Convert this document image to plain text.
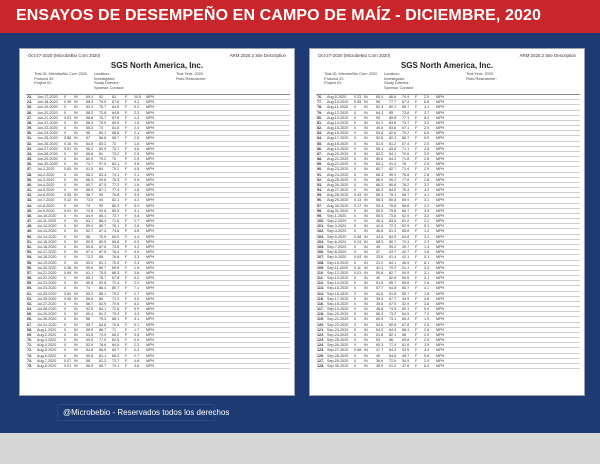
ENSAYOS DE DESEMPEÑO EN CAMPO DE MAÍZ - DICIEMBRE, 2020
Oct-27-2020 (MicrobeBio Corn 2020)	ARM 2020.2 Site Description
SGS North America, Inc.
Trial ID: MicrobeBio Corn 2020
Protocol ID:
Project ID:
Location:
Investigator:
Study Director:
Sponsor Contact:
Trial Year: 2020
Field Researcher:
23. Jun-17-2020 0 IN 69.4 92 61 F 10.5 MPH
24. Jun-18-2020 0.49 IN 58.3 75.9 67.8 F 9.3 MPH
25. Jun-19-2020 0 IN 52.3 76.7 64.5 F 5.2 MPH
26. Jun-20-2020 0 IN 58.3 73.8 64.8 F 2.3 MPH
27. Jun-21-2020 0.01 IN 58.8 76.7 67.8 F 1.2 MPH
28. Jun-22-2020 0 IN 56.4 75.9 65.5 F 1.6 MPH
29. Jun-23-2020 0 IN 55.3 73 64.8 F 2.4 MPH
30. Jun-24-2020 0 IN 56 80.1 68.6 F 2.1 MPH
31. Jun-25-2020 0.88 IN 57 86.6 69.7 F 2.8 MPH
32. Jun-26-2020 0.16 IN 64.8 83.3 73 F 1.6 MPH
33. Jun-27-2020 0.01 IN 58.3 80.9 73.7 F 4.6 MPH
34. Jun-28-2020 0 IN 66.8 81 73.2 F 2.5 MPH
35. Jun-29-2020 0 IN 60.9 79.2 70 F 2.5 MPH
36. Jun-30-2020 0 IN 74.7 97.9 82.1 F 3.8 MPH
37. Jul-1-2020	0.62 IN 61.5 84 75.2 F 4.8 MPH
38. Jul-2-2020	0 IN 56.2 83.4 74.1 F 2.1 MPH
39. Jul-3-2020	0 IN 68.3 90.6 76.3 F 0.5 MPH
40. Jul-4-2020	0 IN 60.7 87.5 77.2 F 1.6 MPH
41. Jul-5-2020	0 IN 68.9 87.1 77.4 F 1.8 MPH
42. Jul-6-2020	0.05 IN 56.7 90 76.8 F 3.9 MPH
43. Jul-7-2020	0.12 IN 73.5 93 82.1 F 4.2 MPH
44. Jul-8-2020	0 IN 73 90 80.3 F 5.4 MPH
45. Jul-9-2020	0.01 IN 72.8 92.6 80.5 F 4.1 MPH
46. Jul-10-2020 0 IN 64.9 85.1 73.7 F 0.6 MPH
47. Jul-11-2020 0 IN 63.7 86.4 71.6 F 2.7 MPH
48. Jul-12-2020 0 IN 59.4 86.7 76.1 F 2.8 MPH
49. Jul-13-2020 0 IN 62.7 87.4 74.6 F 4.8 MPH
50. Jul-14-2020 0 IN 58 75.9 69.5 F 4.4 MPH
51. Jul-15-2020 0 IN 50.5 80.9 65.8 F 0.9 MPH
52. Jul-16-2020 0 IN 60.8 87.6 73.8 F 3.2 MPH
53. Jul-17-2020 0 IN 67.4 87.5 78.4 F 4.0 MPH
54. Jul-18-2020 0 IN 72.2 86 76.8 F 3.3 MPH
55. Jul-19-2020 0 IN 59.2 81.1 70.5 F 2.3 MPH
56. Jul-20-2020 0.46 IN 59.6 80.7 69.8 F 1.5 MPH
57. Jul-21-2020 0.84 IN 61.1 75.5 68.3 F 3.6 MPH
58. Jul-22-2020 0 IN 55.1 76.7 67.8 F 6.2 MPH
59. Jul-23-2020 0 IN 60.8 83.8 72.4 F 2.2 MPH
60. Jul-24-2020 0 IN 74 86.4 80.7 F 7.1 MPH
61. Jul-25-2020 0.54 IN 65.3 88.1 79.2 F 2.7 MPH
62. Jul-26-2020 0.08 IN 58.8 86 71.3 F 3.0 MPH
63. Jul-27-2020 0 IN 56.7 82.9 70.6 F 6.2 MPH
64. Jul-28-2020 0 IN 52.5 84.1 72.8 F 5.9 MPH
65. Jul-29-2020 0 IN 60.4 81.2 70.4 F 4.4 MPH
66. Jul-30-2020 0 IN 58 79.3 68.1 F 3.1 MPH
67. Jul-31-2020 0 IN 55.7 84.8 70.8 F 0.1 MPH
68. Aug-1-2020 0 IN 56.9 86.7 71 F 1.7 MPH
69. Aug-2-2020 0 IN 53.5 74.9 66.2 F 3.5 MPH
70. Aug-3-2020 0 IN 49.5 77.5 62.5 F 0.0 MPH
71. Aug-4-2020 0 IN 52.9 76.6 64.6 F 2.3 MPH
72. Aug-5-2020 0 IN 54.8 86.9 64.7 F 2.2 MPH
73. Aug-6-2020 0 IN 50.8 81.1 66.2 F 2.7 MPH
74. Aug-7-2020 0.07 IN 58 81.2 73.7 F 4.8 MPH
75. Aug-8-2020 0.01 IN 58.6 80.7 70.1 F 3.6 MPH
Oct-27-2020 (MicrobeBio Corn 2020)	ARM 2020.2 Site Description
SGS North America, Inc.
Trial ID: MicrobeBio Corn 2020
Protocol ID:
Project ID:
Location:
Investigator:
Study Director:
Sponsor Contact:
Trial Year: 2020
Field Researcher:
76. Aug-9-2020 0.23 IN 65.4 86.6 74.9 F 2.5 MPH
77. Aug-10-2020 0.05 IN 58 77.7 67.4 F 6.6 MPH
78. Aug-11-2020 0 IN 52.3 80.1 66.7 F 4.1 MPH
79. Aug-12-2020 0 IN 64.3 85 73.8 F 2.7 MPH
80. Aug-13-2020 0 IN 50 85.8 77.1 F 8.3 MPH
81. Aug-14-2020 0 IN 61.1 83.6 73.7 F 3.2 MPH
82. Aug-15-2020 0 IN 49.6 83.8 67.1 F 2.9 MPH
83. Aug-16-2020 0 IN 54.8 82.6 70.2 F 6.0 MPH
84. Aug-17-2020 0 IN 52.8 82.3 66.7 F 6.9 MPH
85. Aug-18-2020 0 IN 51.5 81.2 67.4 F 2.0 MPH
86. Aug-19-2020 0 IN 56.1 83.8 71.1 F 2.8 MPH
87. Aug-20-2020 0 IN 62.2 84.1 70.6 F 3.0 MPH
88. Aug-21-2020 0 IN 55.6 84.2 71.8 F 2.8 MPH
89. Aug-22-2020 0 IN 60.1 91.4 76 F 2.5 MPH
90. Aug-23-2020 0 IN 60.7 82.7 71.4 F 2.9 MPH
91. Aug-24-2020 0 IN 66.3 90.9 76.8 F 2.8 MPH
92. Aug-25-2020 0 IN 66.9 90.2 77.6 F 2.8 MPH
93. Aug-26-2020 0 IN 68.3 86.8 78.2 F 3.2 MPH
94. Aug-27-2020 0 IN 66.2 84.9 75.4 F 4.2 MPH
95. Aug-28-2020 0.43 IN 58.3 79.1 68.7 F 4.1 MPH
96. Aug-29-2020 0.13 IN 58.5 80.8 69.9 F 3.1 MPH
97. Aug-30-2020 0.17 IN 53.4 76.8 65.6 F 2.2 MPH
98. Aug-31-2020 0 IN 50.5 75.8 66.7 F 3.9 MPH
99. Sep-1-2020 0 IN 55.5 73.8 62.9 F 3.2 MPH
100. Sep-2-2020 0 IN 46.3 83.5 61.2 F 2.2 MPH
101. Sep-3-2020 0 IN 41.6 72.2 62.9 F 5.1 MPH
102. Sep-4-2020 0 IN 46.6 81.3 65.6 F 1.2 MPH
103. Sep-5-2020 0.08 IN 44.8 84.5 64.8 F 3.1 MPH
104. Sep-6-2020 0.24 IN 58.3 80.7 70.3 F 2.3 MPH
105. Sep-7-2020 0 IN 45 59.2 49.7 F 1.4 MPH
106. Sep-8-2020 0 IN 37 43.7 42.7 F 1.6 MPH
107. Sep-9-2020 0.04 IN 33.6 61.4 42.1 F 5.1 MPH
108. Sep-10-2020 0 IN 21.2 64.1 46.9 F 8.1 MPH
109. Sep-11-2020 0.11 IN 42.3 70.2 51.1 F 3.3 MPH
110. Sep-12-2020 0.01 IN 50.8 82.7 54.9 F 3.1 MPH
111. Sep-13-2020 0 IN 40 62.6 50.6 F 2.1 MPH
112. Sep-14-2020 0 IN 51.5 65.7 59.6 F 2.6 MPH
113. Sep-15-2020 0 IN 57.7 64.8 60.7 F 4.1 MPH
114. Sep-16-2020 0 IN 44.8 61.8 55.7 F 1.8 MPH
115. Sep-17-2020 0 IN 39.3 57.7 49.9 F 3.6 MPH
116. Sep-18-2020 0 IN 39.6 67.5 52.9 F 3.6 MPH
117. Sep-19-2020 0 IN 46.8 74.5 60.1 F 5.9 MPH
118. Sep-20-2020 0 IN 58.3 73.2 64.9 F 7.2 MPH
119. Sep-21-2020 0 IN 60.5 73.1 65.4 F 1.9 MPH
120. Sep-22-2020 0 IN 53.5 80.8 67.8 F 2.5 MPH
121. Sep-23-2020 0 IN 54.3 84.9 68.4 F 2.6 MPH
122. Sep-24-2020 0 IN 51.8 82.1 68 F 2.9 MPH
123. Sep-25-2020 0 IN 53 86 69.8 F 2.5 MPH
124. Sep-26-2020 0 IN 60.3 77.4 61.6 F 3.9 MPH
125. Sep-27-2020 0.08 IN 47.7 64.3 53.5 F 4.4 MPH
126. Sep-28-2020 0 IN 40 54.6 49.7 F 0.6 MPH
127. Sep-29-2020 0 IN 36.6 72.6 54.9 F 2.9 MPH
128. Sep-30-2020 0 IN 38.9 51.2 47.8 F 6.4 MPH
109	@Microbebio - Reservados todos los derechos
